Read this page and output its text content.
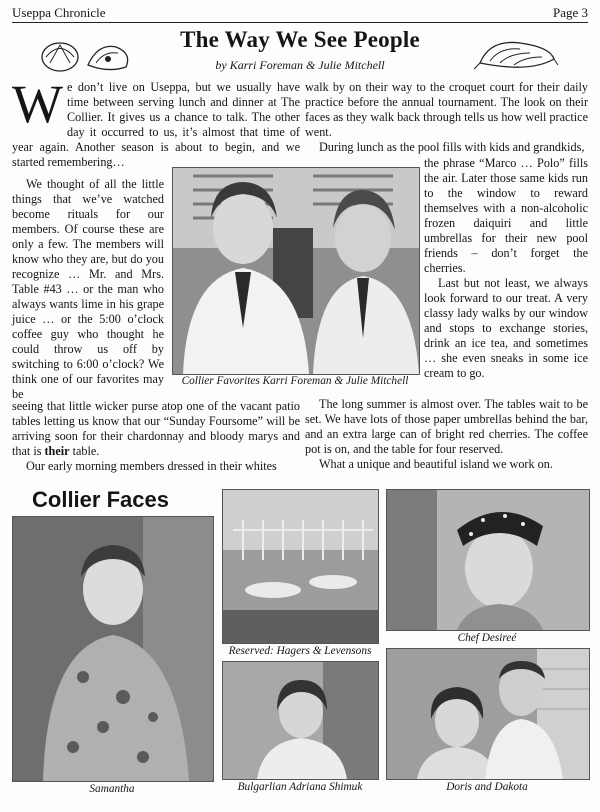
Useppa Chronicle	Page 3
The Way We See People
by Karri Foreman & Julie Mitchell

We don’t live on Useppa, but we usually have time between serving lunch and dinner at The Collier. It gives us a chance to talk. The other day it occurred to us, it’s almost that time of year again. Another season is about to begin, and we started remembering…

We thought of all the little things that we’ve watched become rituals for our members. Of course these are only a few. The members will know who they are, but do you recognize … Mr. and Mrs. Table #43 … or the man who always wants lime in his grape juice … or the 5:00 o’clock coffee guy who thought he could throw us off by switching to 6:00 o’clock? We think one of our favorites may be

seeing that little wicker purse atop one of the vacant patio tables letting us know that our “Sunday Foursome” will be arriving soon for their chardonnay and bloody marys and that is their table.

Our early morning members dressed in their whites

walk by on their way to the croquet court for their daily practice before the annual tournament. The look on their faces as they walk back through tells us how well practice went.

During lunch as the pool fills with kids and grandkids,

the phrase “Marco … Polo” fills the air. Later those same kids run to the window to reward themselves with a non-alcoholic frozen daiquiri and little umbrellas for their new pool friends – don’t forget the cherries.

Last but not least, we always look forward to our treat. A very classy lady walks by our window and stops to exchange stories, drink an ice tea, and sometimes … she even sneaks in some ice cream to go.

The long summer is almost over. The tables wait to be set. We have lots of those paper umbrellas behind the bar, and an extra large can of bright red cherries. The coffee pot is on, and the table for four reserved.

What a unique and beautiful island we work on.

Collier Favorites Karri Foreman & Julie Mitchell
Collier Faces
Samantha
Reserved: Hagers & Levensons
Bulgarlian Adriana Shimuk
Chef Desireé
Doris and Dakota
